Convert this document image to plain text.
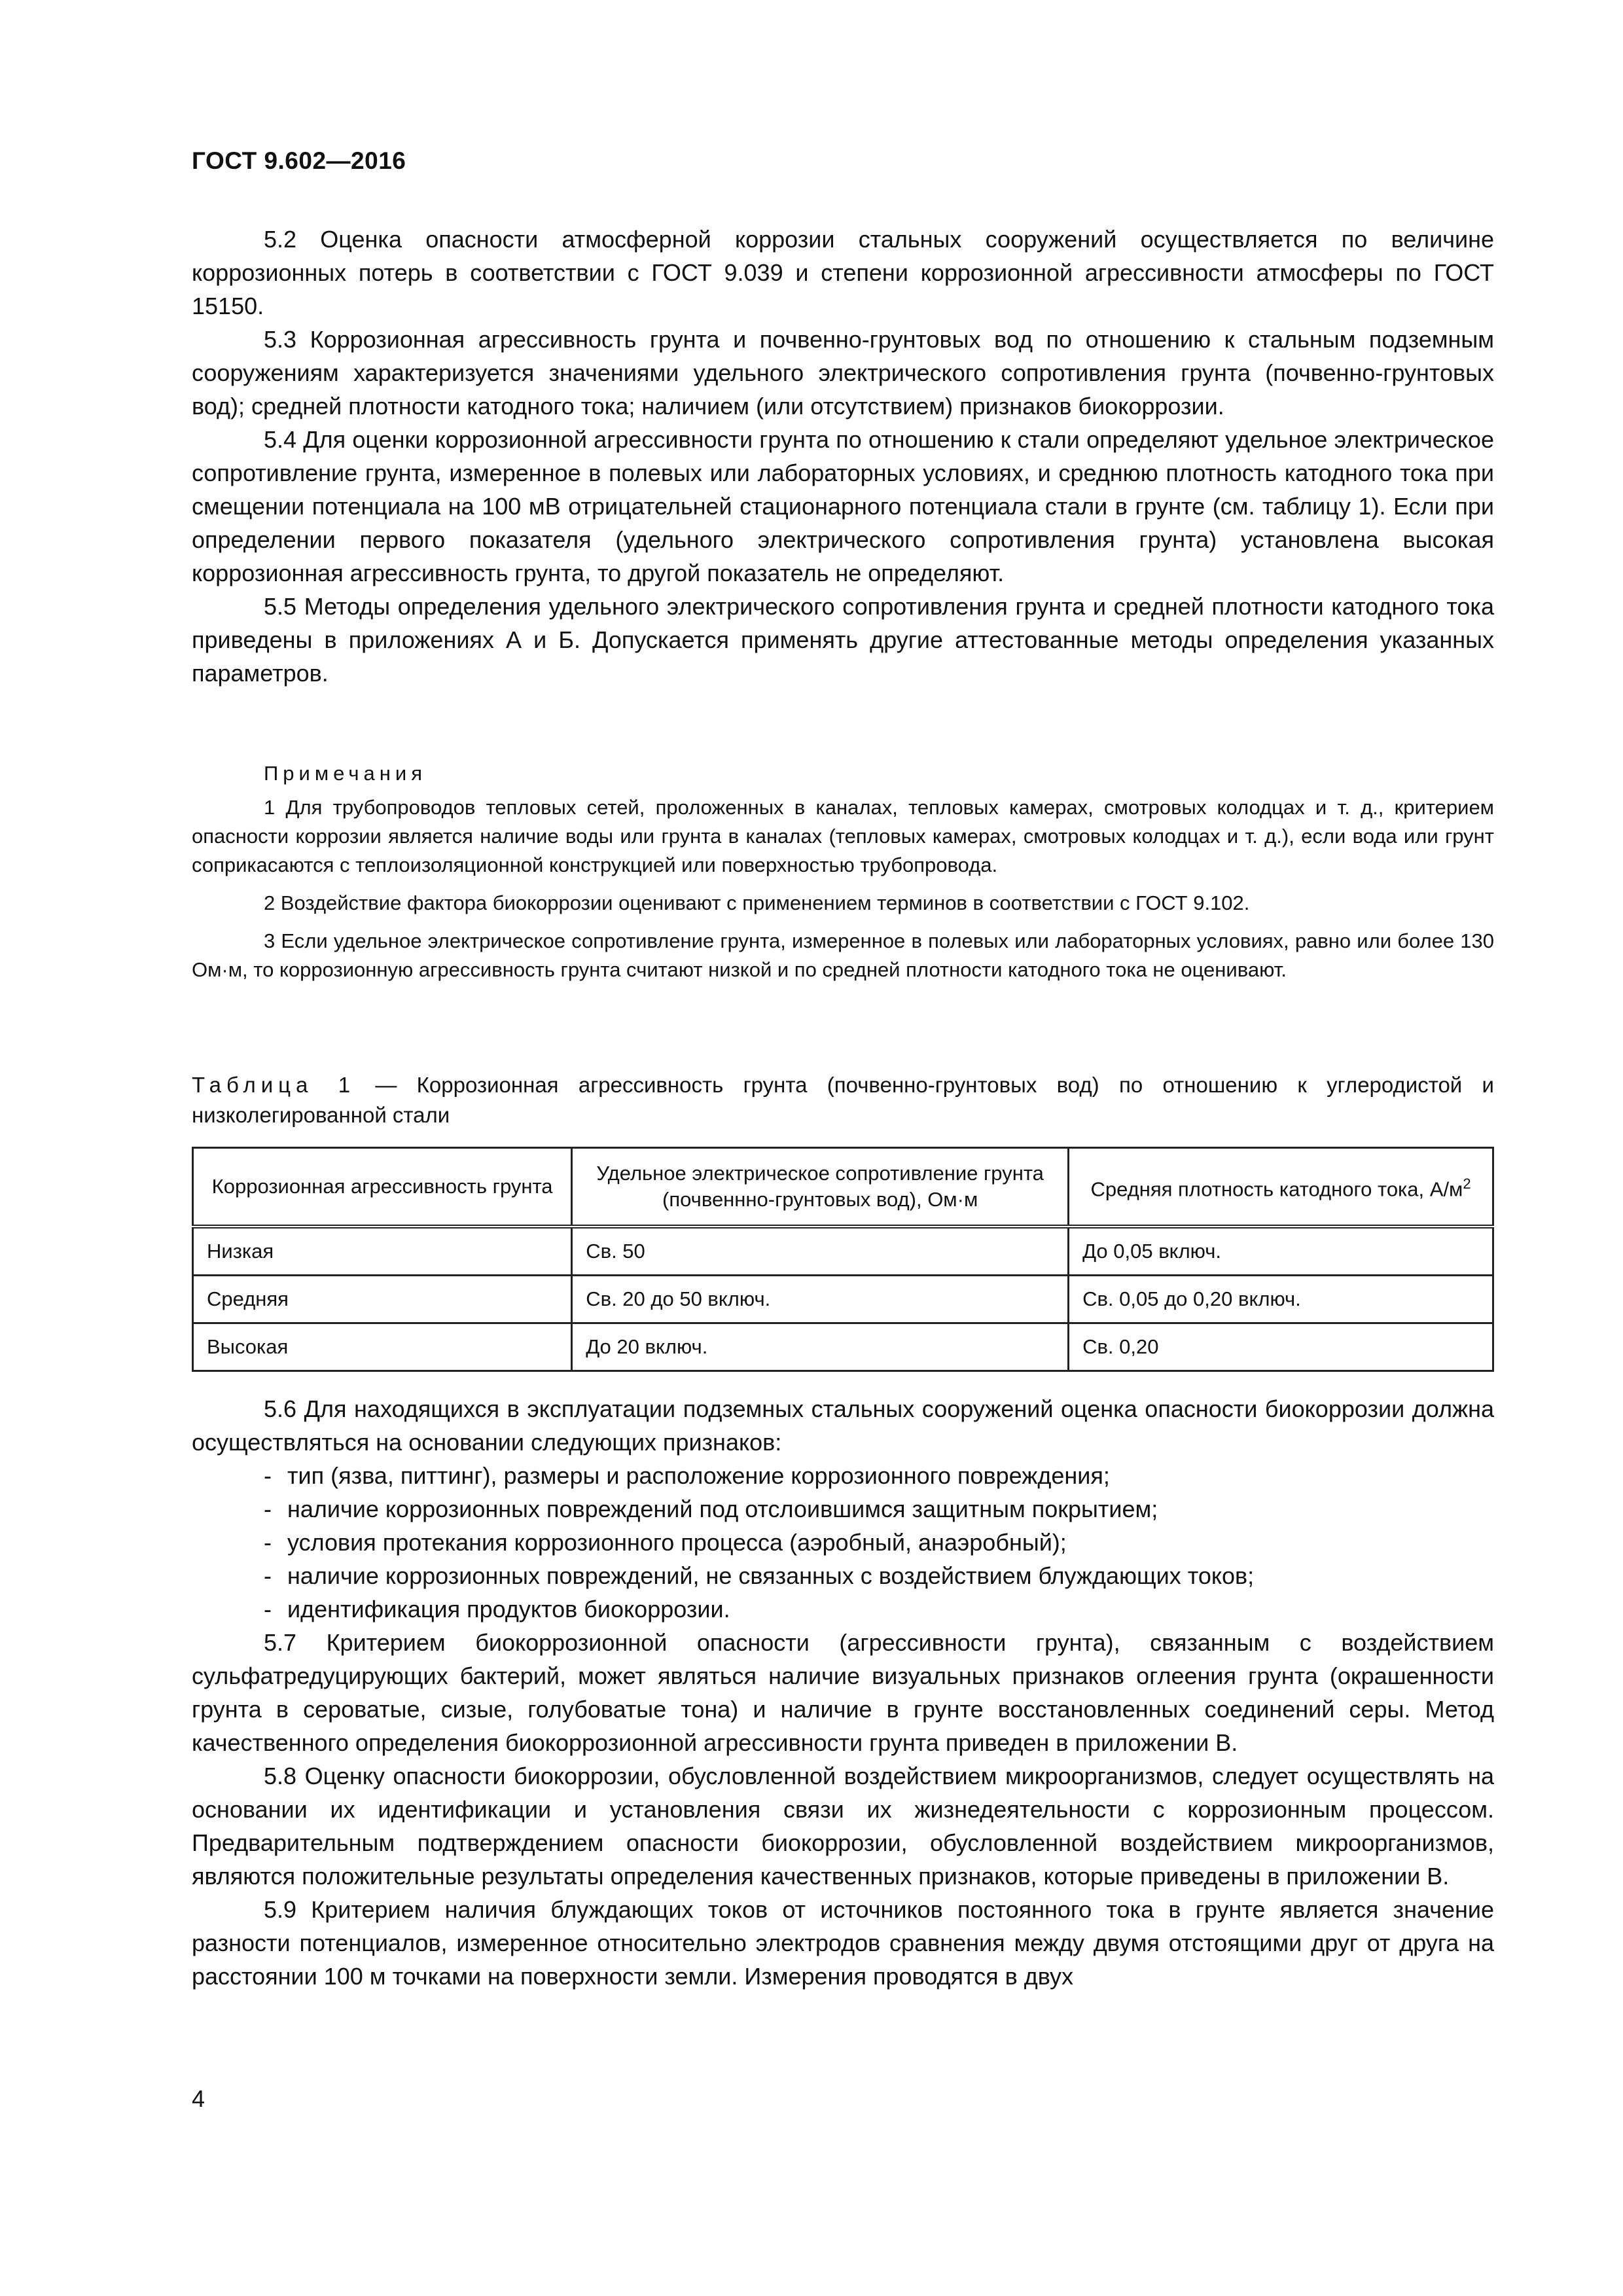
ГОСТ 9.602—2016

5.2 Оценка опасности атмосферной коррозии стальных сооружений осуществляется по величине коррозионных потерь в соответствии с ГОСТ 9.039 и степени коррозионной агрессивности атмосферы по ГОСТ 15150.

5.3 Коррозионная агрессивность грунта и почвенно-грунтовых вод по отношению к стальным подземным сооружениям характеризуется значениями удельного электрического сопротивления грунта (почвенно-грунтовых вод); средней плотности катодного тока; наличием (или отсутствием) признаков биокоррозии.

5.4 Для оценки коррозионной агрессивности грунта по отношению к стали определяют удельное электрическое сопротивление грунта, измеренное в полевых или лабораторных условиях, и среднюю плотность катодного тока при смещении потенциала на 100 мВ отрицательней стационарного потенциала стали в грунте (см. таблицу 1). Если при определении первого показателя (удельного электрического сопротивления грунта) установлена высокая коррозионная агрессивность грунта, то другой показатель не определяют.

5.5 Методы определения удельного электрического сопротивления грунта и средней плотности катодного тока приведены в приложениях А и Б. Допускается применять другие аттестованные методы определения указанных параметров.

Примечания

1 Для трубопроводов тепловых сетей, проложенных в каналах, тепловых камерах, смотровых колодцах и т. д., критерием опасности коррозии является наличие воды или грунта в каналах (тепловых камерах, смотровых колодцах и т. д.), если вода или грунт соприкасаются с теплоизоляционной конструкцией или поверхностью трубопровода.

2 Воздействие фактора биокоррозии оценивают с применением терминов в соответствии с ГОСТ 9.102.

3 Если удельное электрическое сопротивление грунта, измеренное в полевых или лабораторных условиях, равно или более 130 Ом·м, то коррозионную агрессивность грунта считают низкой и по средней плотности катодного тока не оценивают.

Таблица 1 — Коррозионная агрессивность грунта (почвенно-грунтовых вод) по отношению к углеродистой и низколегированной стали
Коррозионная агрессивность грунта	Удельное электрическое сопротивление грунта (почвеннно-грунтовых вод), Ом·м	Средняя плотность катодного тока, $А/м^2$
Низкая	Св. 50	До 0,05 включ.
Средняя	Св. 20 до 50 включ.	Св. 0,05 до 0,20 включ.
Высокая	До 20 включ.	Св. 0,20

5.6 Для находящихся в эксплуатации подземных стальных сооружений оценка опасности биокоррозии должна осуществляться на основании следующих признаков:

- тип (язва, питтинг), размеры и расположение коррозионного повреждения;
- наличие коррозионных повреждений под отслоившимся защитным покрытием;
- условия протекания коррозионного процесса (аэробный, анаэробный);
- наличие коррозионных повреждений, не связанных с воздействием блуждающих токов;
- идентификация продуктов биокоррозии.

5.7 Критерием биокоррозионной опасности (агрессивности грунта), связанным с воздействием сульфатредуцирующих бактерий, может являться наличие визуальных признаков оглеения грунта (окрашенности грунта в сероватые, сизые, голубоватые тона) и наличие в грунте восстановленных соединений серы. Метод качественного определения биокоррозионной агрессивности грунта приведен в приложении В.

5.8 Оценку опасности биокоррозии, обусловленной воздействием микроорганизмов, следует осуществлять на основании их идентификации и установления связи их жизнедеятельности с коррозионным процессом. Предварительным подтверждением опасности биокоррозии, обусловленной воздействием микроорганизмов, являются положительные результаты определения качественных признаков, которые приведены в приложении В.

5.9 Критерием наличия блуждающих токов от источников постоянного тока в грунте является значение разности потенциалов, измеренное относительно электродов сравнения между двумя отстоящими друг от друга на расстоянии 100 м точками на поверхности земли. Измерения проводятся в двух

4
